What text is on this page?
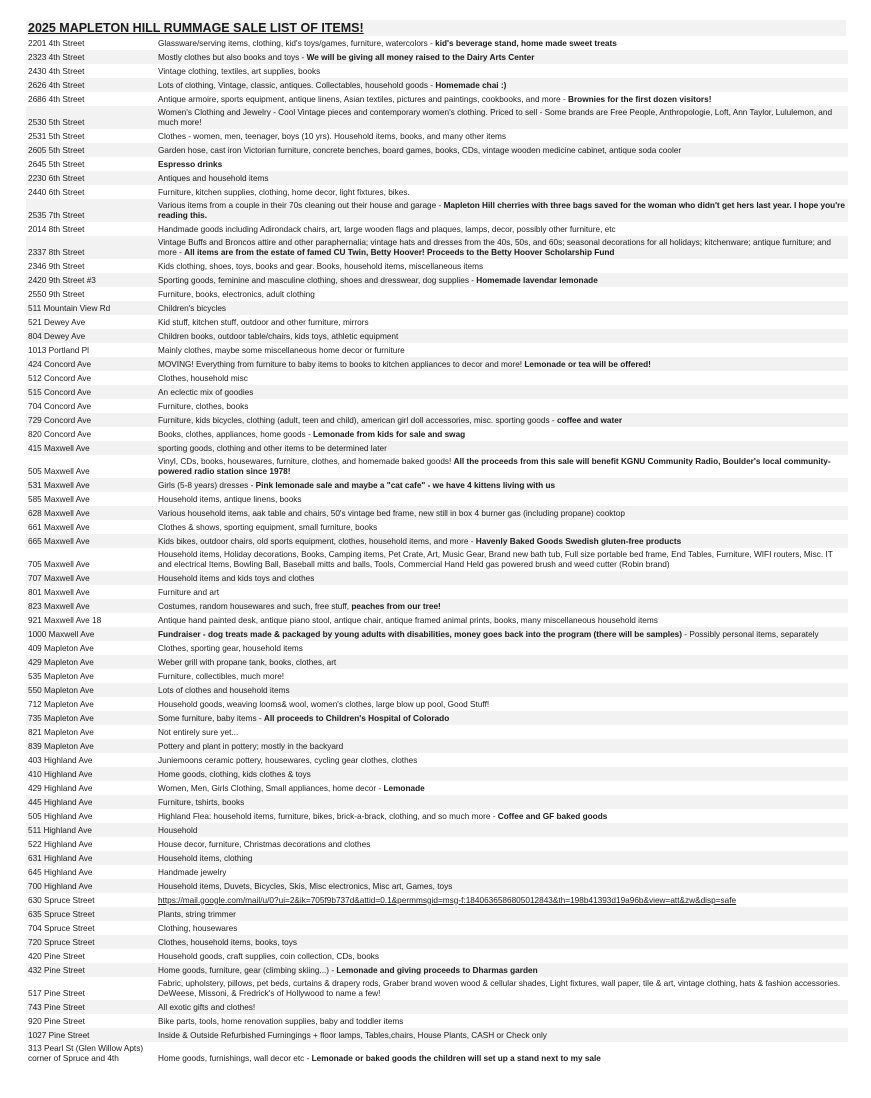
2025 MAPLETON HILL RUMMAGE SALE LIST OF ITEMS!
2201 4th Street	Glassware/serving items, clothing, kid's toys/games, furniture, watercolors - kid's beverage stand, home made sweet treats
2323 4th Street	Mostly clothes but also books and toys - We will be giving all money raised to the Dairy Arts Center
2430 4th Street	Vintage clothing, textiles, art supplies, books
2626 4th Street	Lots of clothing, Vintage, classic, antiques. Collectables, household goods - Homemade chai :)
2686 4th Street	Antique armoire, sports equipment, antique linens, Asian textiles, pictures and paintings, cookbooks, and more - Brownies for the first dozen visitors!
2530 5th Street	Women's Clothing and Jewelry - Cool Vintage pieces and contemporary women's clothing. Priced to sell - Some brands are Free People, Anthropologie, Loft, Ann Taylor, Lululemon, and much more!
2531 5th Street	Clothes - women, men, teenager, boys (10 yrs). Household items, books, and many other items
2605 5th Street	Garden hose, cast iron Victorian furniture, concrete benches, board games, books, CDs, vintage wooden medicine cabinet, antique soda cooler
2645 5th Street	Espresso drinks
2230 6th Street	Antiques and household items
2440 6th Street	Furniture, kitchen supplies, clothing, home decor, light fixtures, bikes.
2535 7th Street	Various items from a couple in their 70s cleaning out their house and garage - Mapleton Hill cherries with three bags saved for the woman who didn't get hers last year. I hope you're reading this.
2014 8th Street	Handmade goods including Adirondack chairs, art, large wooden flags and plaques, lamps, decor, possibly other furniture, etc
2337 8th Street	Vintage Buffs and Broncos attire and other paraphernalia; vintage hats and dresses from the 40s, 50s, and 60s; seasonal decorations for all holidays; kitchenware; antique furniture; and more - All items are from the estate of famed CU Twin, Betty Hoover! Proceeds to the Betty Hoover Scholarship Fund
2346 9th Street	Kids clothing, shoes, toys, books and gear. Books, household items, miscellaneous items
2420 9th Street #3	Sporting goods, feminine and masculine clothing, shoes and dresswear, dog supplies - Homemade lavendar lemonade
2550 9th Street	Furniture, books, electronics, adult clothing
511 Mountain View Rd	Children's bicycles
521 Dewey Ave	Kid stuff, kitchen stuff, outdoor and other furniture, mirrors
804 Dewey Ave	Children books, outdoor table/chairs, kids toys, athletic equipment
1013 Portland Pl	Mainly clothes, maybe some miscellaneous home decor or furniture
424 Concord Ave	MOVING! Everything from furniture to baby items to books to kitchen appliances to decor and more! Lemonade or tea will be offered!
512 Concord Ave	Clothes, household misc
515 Concord Ave	An eclectic mix of goodies
704 Concord Ave	Furniture, clothes, books
729 Concord Ave	Furniture, kids bicycles, clothing (adult, teen and child), american girl doll accessories, misc. sporting goods - coffee and water
820 Concord Ave	Books, clothes, appliances, home goods - Lemonade from kids for sale and swag
415 Maxwell Ave	sporting goods, clothing and other items to be determined later
505 Maxwell Ave	Vinyl, CDs, books, housewares, furniture, clothes, and homemade baked goods! All the proceeds from this sale will benefit KGNU Community Radio, Boulder's local community-powered radio station since 1978!
531 Maxwell Ave	Girls (5-8 years) dresses - Pink lemonade sale and maybe a "cat cafe" - we have 4 kittens living with us
585 Maxwell Ave	Household items, antique linens, books
628 Maxwell Ave	Various household items, aak table and chairs, 50's vintage bed frame, new still in box 4 burner gas (including propane) cooktop
661 Maxwell Ave	Clothes & shows, sporting equipment, small furniture, books
665 Maxwell Ave	Kids bikes, outdoor chairs, old sports equipment, clothes, household items, and more - Havenly Baked Goods Swedish gluten-free products
705 Maxwell Ave	Household items, Holiday decorations, Books, Camping items, Pet Crate, Art, Music Gear, Brand new bath tub, Full size portable bed frame, End Tables, Furniture, WIFI routers, Misc. IT and electrical Items, Bowling Ball, Baseball mitts and balls, Tools, Commercial Hand Held gas powered brush and weed cutter (Robin brand)
707 Maxwell Ave	Household items and kids toys and clothes
801 Maxwell Ave	Furniture and art
823 Maxwell Ave	Costumes, random housewares and such, free stuff, peaches from our tree!
921 Maxwell Ave 18	Antique hand painted desk, antique piano stool, antique chair, antique framed animal prints, books, many miscellaneous household items
1000 Maxwell Ave	Fundraiser - dog treats made & packaged by young adults with disabilities, money goes back into the program (there will be samples) - Possibly personal items, separately
409 Mapleton Ave	Clothes, sporting gear, household items
429 Mapleton Ave	Weber grill with propane tank, books, clothes, art
535 Mapleton Ave	Furniture, collectibles, much more!
550 Mapleton Ave	Lots of clothes and household items
712 Mapleton Ave	Household goods, weaving looms& wool, women's clothes, large blow up pool, Good Stuff!
735 Mapleton Ave	Some furniture, baby items - All proceeds to Children's Hospital of Colorado
821 Mapleton Ave	Not entirely sure yet...
839 Mapleton Ave	Pottery and plant in pottery; mostly in the backyard
403 Highland Ave	Juniemoons ceramic pottery, housewares, cycling gear clothes, clothes
410 Highland Ave	Home goods, clothing, kids clothes & toys
429 Highland Ave	Women, Men, Girls Clothing, Small appliances, home decor - Lemonade
445 Highland Ave	Furniture, tshirts, books
505 Highland Ave	Highland Flea: household items, furniture, bikes, brick-a-brack, clothing, and so much more - Coffee and GF baked goods
511 Highland Ave	Household
522 Highland Ave	House decor, furniture, Christmas decorations and clothes
631 Highland Ave	Household items, clothing
645 Highland Ave	Handmade jewelry
700 Highland Ave	Household items, Duvets, Bicycles, Skis, Misc electronics, Misc art, Games, toys
630 Spruce Street	https://mail.google.com/mail/u/0?ui=2&ik=705f9b737d&attid=0.1&permmsgid=msg-f:1840636586805012843&th=198b41393d19a96b&view=att&zw&disp=safe
635 Spruce Street	Plants, string trimmer
704 Spruce Street	Clothing, housewares
720 Spruce Street	Clothes, household items, books, toys
420 Pine Street	Household goods, craft supplies, coin collection, CDs, books
432 Pine Street	Home goods, furniture, gear (climbing skiing...) - Lemonade and giving proceeds to Dharmas garden
517 Pine Street	Fabric, upholstery, pillows, pet beds, curtains & drapery rods, Graber brand woven wood & cellular shades, Light fixtures, wall paper, tile & art, vintage clothing, hats & fashion accessories. DeWeese, Missoni, & Fredrick's of Hollywood to name a few!
743 Pine Street	All exotic gifts and clothes!
920 Pine Street	Bike parts, tools, home renovation supplies, baby and toddler items
1027 Pine Street	Inside & Outside Refurbished Furningings + floor lamps, Tables,chairs, House Plants, CASH or Check only
313 Pearl St (Glen Willow Apts)
corner of Spruce and 4th	Home goods, furnishings, wall decor etc - Lemonade or baked goods the children will set up a stand next to my sale
